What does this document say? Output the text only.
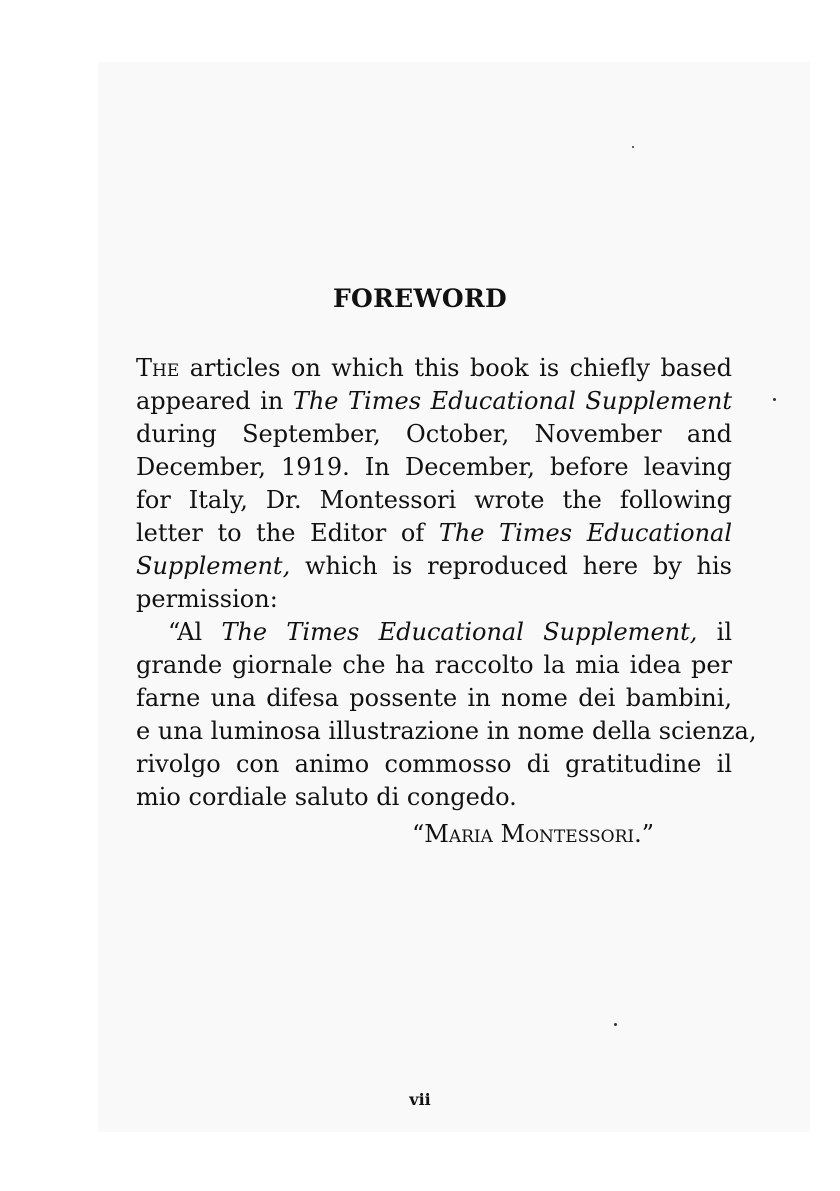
FOREWORD
The articles on which this book is chiefly based
appeared in The Times Educational Supplement
during September, October, November and
December, 1919. In December, before leaving
for Italy, Dr. Montessori wrote the following
letter to the Editor of The Times Educational
Supplement, which is reproduced here by his
permission:
“Al The Times Educational Supplement, il
grande giornale che ha raccolto la mia idea per
farne una difesa possente in nome dei bambini,
e una luminosa illustrazione in nome della scienza,
rivolgo con animo commosso di gratitudine il
mio cordiale saluto di congedo.
“Maria Montessori.”
vii
